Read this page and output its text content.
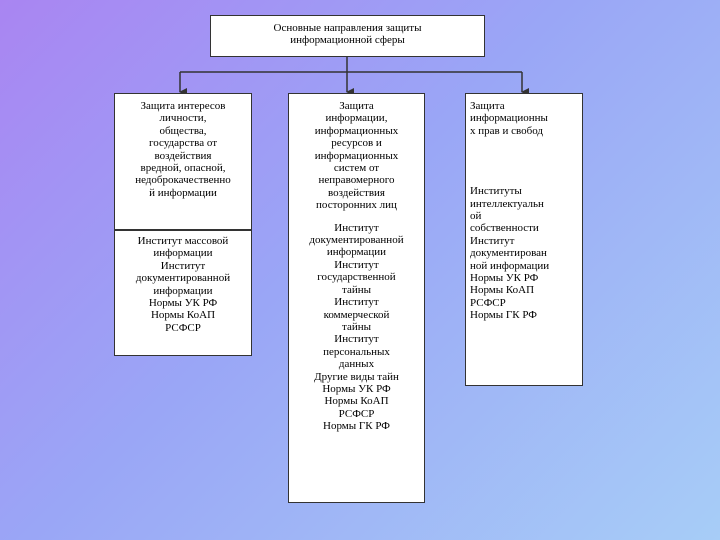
Основные направления защиты
информационной сферы
Защита интересов
личности,
общества,
государства от
воздействия
вредной, опасной,
недоброкачественно
й информации
Институт массовой
информации
Институт
документированной
информации
Нормы УК РФ
Нормы КоАП
РСФСР
Защита
информации,
информационных
ресурсов и
информационных
систем от
неправомерного
воздействия
посторонних лиц
Институт
документированной
информации
Институт
государственной
тайны
Институт
коммерческой
тайны
Институт
персональных
данных
Другие виды тайн
Нормы УК РФ
Нормы КоАП
РСФСР
Нормы ГК РФ
Защита
информационны
х прав и свобод
Институты
интеллектуальн
ой
собственности
Институт
документирован
ной информации
Нормы УК РФ
Нормы КоАП
РСФСР
Нормы ГК РФ
